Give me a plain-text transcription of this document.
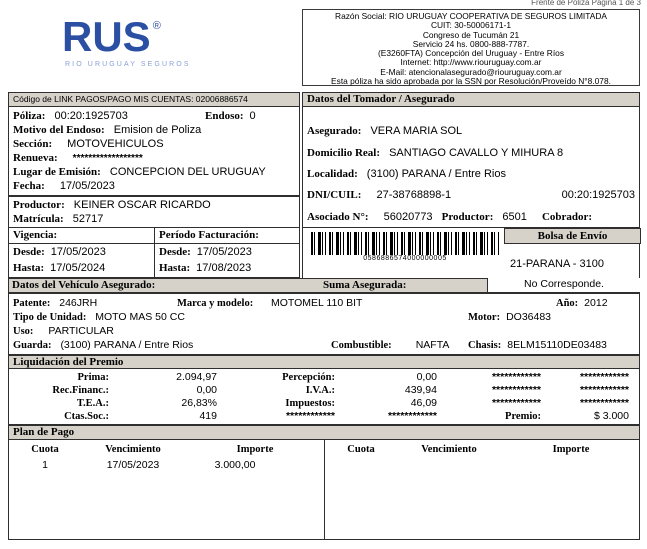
Frente de Poliza Página 1 de 3
RUS ®
RIO URUGUAY SEGUROS
Razón Social: RIO URUGUAY COOPERATIVA DE SEGUROS LIMITADA
CUIT: 30-50006171-1
Congreso de Tucumán 21
Servicio 24 hs. 0800-888-7787.
(E3260FTA) Concepción del Uruguay - Entre Ríos
Internet: http://www.riouruguay.com.ar
E-Mail: atencionalasegurado@riouruguay.com.ar
Esta póliza ha sido aprobada por la SSN por Resolución/Proveído N°8.078.
Código de LINK PAGOS/PAGO MIS CUENTAS: 02006886574
Póliza: 00:20:1925703	Endoso: 0
Motivo del Endoso: Emision de Poliza
Sección: MOTOVEHICULOS
Renueva: ******************
Lugar de Emisión: CONCEPCION DEL URUGUAY
Fecha: 17/05/2023
Productor: KEINER OSCAR RICARDO
Matrícula: 52717
Vigencia:
Desde: 17/05/2023
Hasta: 17/05/2024
Período Facturación:
Desde: 17/05/2023
Hasta: 17/08/2023
Datos del Tomador / Asegurado
Asegurado: VERA MARIA SOL
Domicilio Real: SANTIAGO CAVALLO Y MIHURA 8
Localidad: (3100) PARANA / Entre Rios
DNI/CUIL: 27-38768898-1	00:20:1925703
Asociado N°: 56020773 Productor: 6501 Cobrador:
0586886574000000005
Bolsa de Envío
21-PARANA - 3100
Datos del Vehículo Asegurado:	Suma Asegurada:	No Corresponde.
Patente: 246JRH	Marca y modelo: MOTOMEL 110 BIT	Año: 2012
Tipo de Unidad: MOTO MAS 50 CC	Motor: DO36483
Uso: PARTICULAR
Guarda: (3100) PARANA / Entre Rios	Combustible: NAFTA Chasis: 8ELM15110DE03483
Liquidación del Premio
Prima:	2.094,97	Percepción:	0,00	************	************
Rec.Financ.:	0,00	I.V.A.:	439,94	************	************
T.E.A.:	26,83%	Impuestos:	46,09	************	************
Ctas.Soc.:	419	************	************	Premio:	$ 3.000
Plan de Pago
Cuota	Vencimiento	Importe
1	17/05/2023	3.000,00
Cuota	Vencimiento	Importe
